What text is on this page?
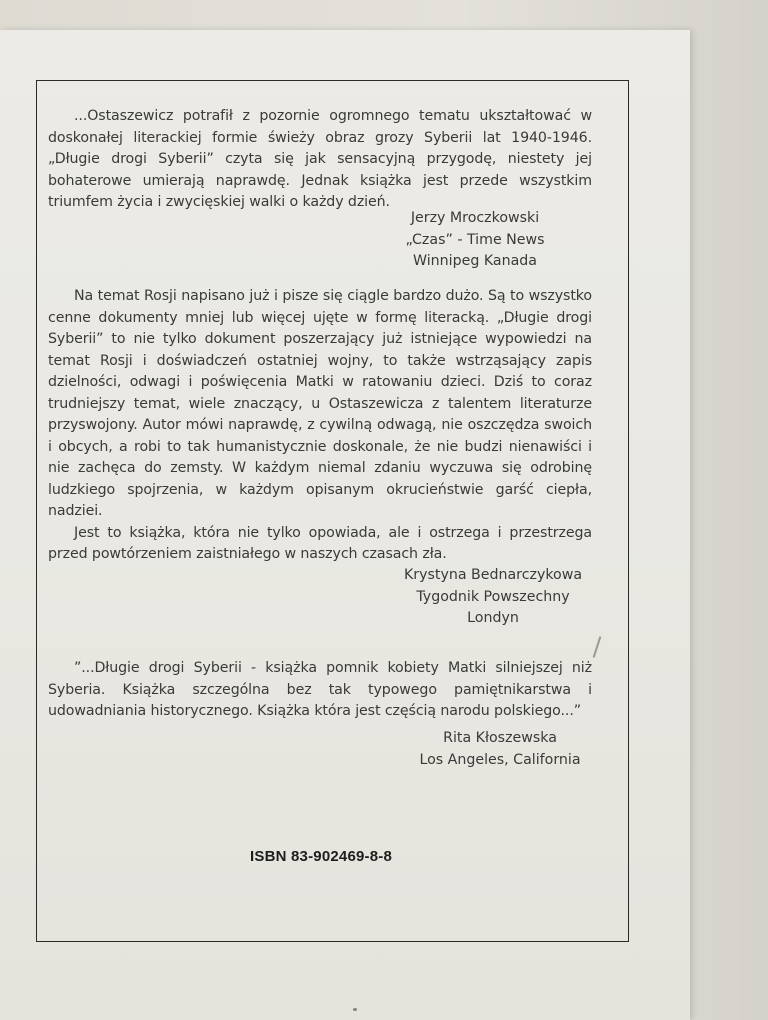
...Ostaszewicz potrafił z pozornie ogromnego tematu ukształtować w doskonałej literackiej formie świeży obraz grozy Syberii lat 1940-1946. „Długie drogi Syberii” czyta się jak sensacyjną przygodę, niestety jej bohaterowe umierają naprawdę. Jednak książka jest przede wszystkim triumfem życia i zwycięskiej walki o każdy dzień.

Jerzy Mroczkowski
„Czas” - Time News
Winnipeg Kanada

Na temat Rosji napisano już i pisze się ciągle bardzo dużo. Są to wszystko cenne dokumenty mniej lub więcej ujęte w formę literacką. „Długie drogi Syberii” to nie tylko dokument poszerzający już istniejące wypowiedzi na temat Rosji i doświadczeń ostatniej wojny, to także wstrząsający zapis dzielności, odwagi i poświęcenia Matki w ratowaniu dzieci. Dziś to coraz trudniejszy temat, wiele znaczący, u Ostaszewicza z talentem literaturze przyswojony. Autor mówi naprawdę, z cywilną odwagą, nie oszczędza swoich i obcych, a robi to tak humanistycznie doskonale, że nie budzi nienawiści i nie zachęca do zemsty. W każdym niemal zdaniu wyczuwa się odrobinę ludzkiego spojrzenia, w każdym opisanym okrucieństwie garść ciepła, nadziei.

Jest to książka, która nie tylko opowiada, ale i ostrzega i przestrzega przed powtórzeniem zaistniałego w naszych czasach zła.

Krystyna Bednarczykowa
Tygodnik Powszechny
Londyn

”...Długie drogi Syberii - książka pomnik kobiety Matki silniejszej niż Syberia. Książka szczególna bez tak typowego pamiętnikarstwa i udowadniania historycznego. Książka która jest częścią narodu polskiego...”

Rita Kłoszewska
Los Angeles, California
ISBN 83-902469-8-8
